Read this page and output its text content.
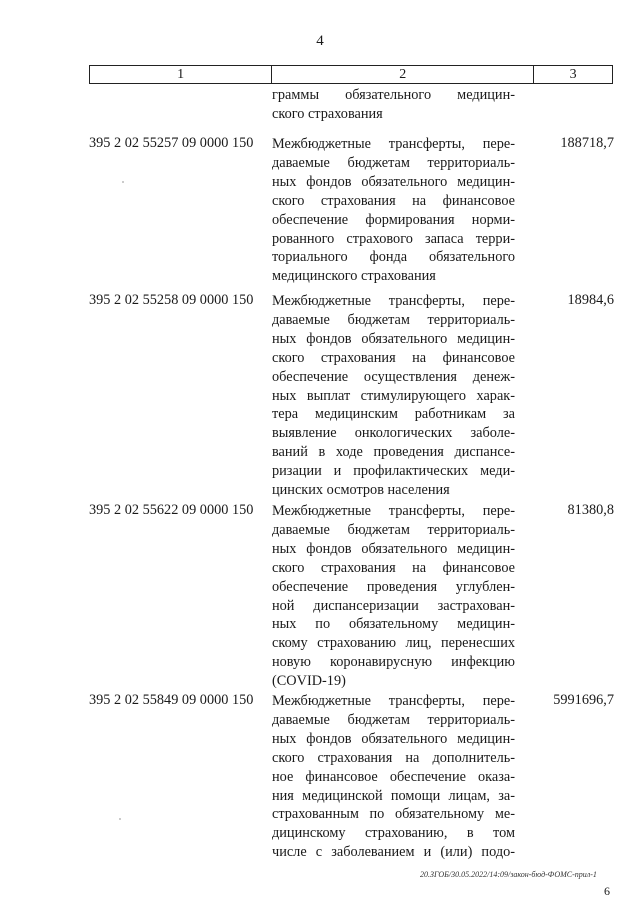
4
1	2	3
граммы обязательного медицин-
ского страхования
395 2 02 55257 09 0000 150 Межбюджетные трансферты, пере-
даваемые бюджетам территориаль-
ных фондов обязательного медицин-
ского страхования на финансовое
обеспечение формирования норми-
рованного страхового запаса терри-
ториального фонда обязательного
медицинского страхования
188718,7
395 2 02 55258 09 0000 150 Межбюджетные трансферты, пере-
даваемые бюджетам территориаль-
ных фондов обязательного медицин-
ского страхования на финансовое
обеспечение осуществления денеж-
ных выплат стимулирующего харак-
тера медицинским работникам за
выявление онкологических заболе-
ваний в ходе проведения диспансе-
ризации и профилактических меди-
цинских осмотров населения
18984,6
395 2 02 55622 09 0000 150 Межбюджетные трансферты, пере-
даваемые бюджетам территориаль-
ных фондов обязательного медицин-
ского страхования на финансовое
обеспечение проведения углублен-
ной диспансеризации застрахован-
ных по обязательному медицин-
скому страхованию лиц, перенесших
новую коронавирусную инфекцию
(COVID-19)
81380,8
395 2 02 55849 09 0000 150 Межбюджетные трансферты, пере-
даваемые бюджетам территориаль-
ных фондов обязательного медицин-
ского страхования на дополнитель-
ное финансовое обеспечение оказа-
ния медицинской помощи лицам, за-
страхованным по обязательному ме-
дицинскому страхованию, в том
числе с заболеванием и (или) подо-
5991696,7
20.ЗГОБ/30.05.2022/14:09/закон-бюд-ФОМС-прил-1
6
